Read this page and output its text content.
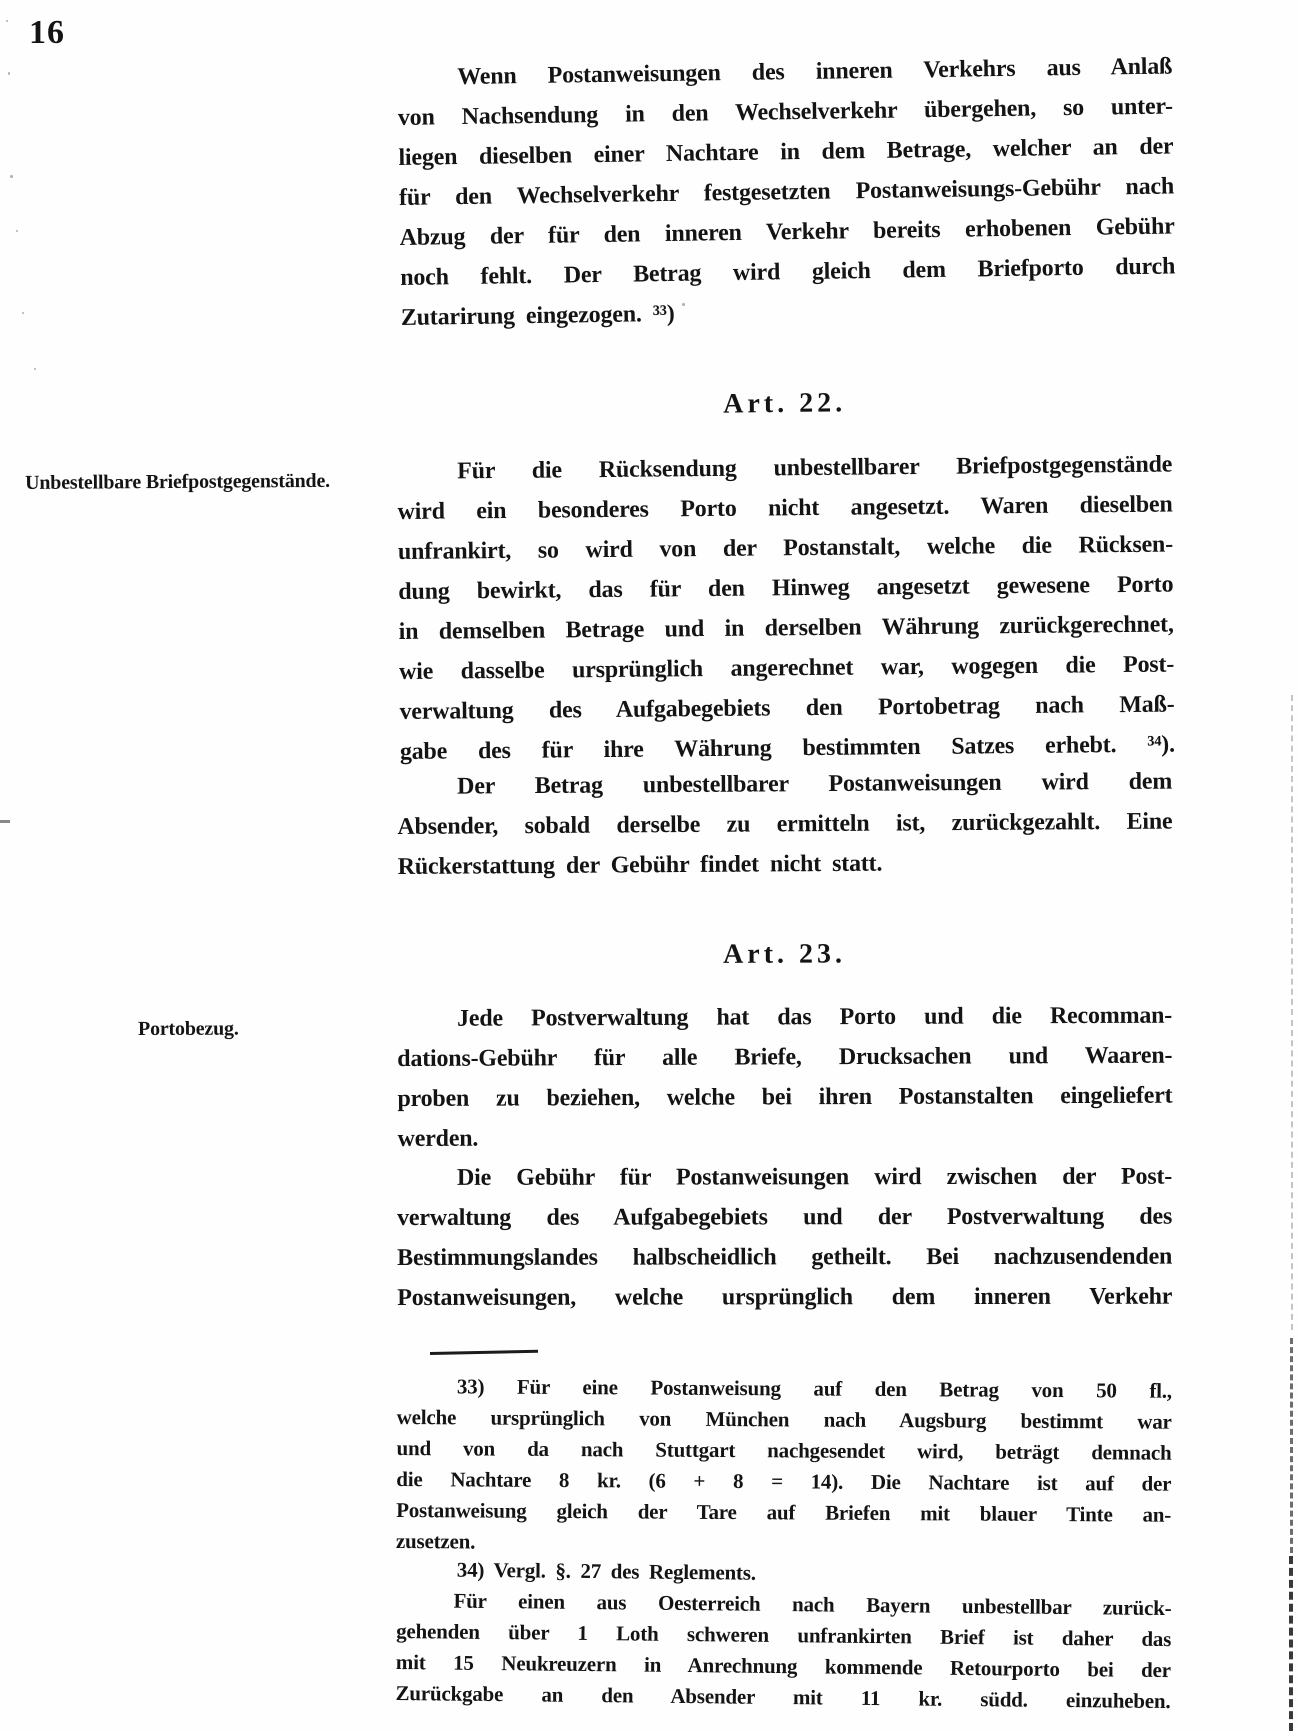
16
Wenn Postanweisungen des inneren Verkehrs aus Anlaß
von Nachsendung in den Wechselverkehr übergehen, so unter-
liegen dieselben einer Nachtare in dem Betrage, welcher an der
für den Wechselverkehr festgesetzten Postanweisungs-Gebühr nach
Abzug der für den inneren Verkehr bereits erhobenen Gebühr
noch fehlt. Der Betrag wird gleich dem Briefporto durch
Zutarirung eingezogen. ³³)
Art. 22.
Unbestellbare Briefpostgegenstände.	Für die Rücksendung unbestellbarer Briefpostgegenstände
wird ein besonderes Porto nicht angesetzt. Waren dieselben
unfrankirt, so wird von der Postanstalt, welche die Rücksen-
dung bewirkt, das für den Hinweg angesetzt gewesene Porto
in demselben Betrage und in derselben Währung zurückgerechnet,
wie dasselbe ursprünglich angerechnet war, wogegen die Post-
verwaltung des Aufgabegebiets den Portobetrag nach Maß-
gabe des für ihre Währung bestimmten Satzes erhebt. ³⁴).
Der Betrag unbestellbarer Postanweisungen wird dem
Absender, sobald derselbe zu ermitteln ist, zurückgezahlt. Eine
Rückerstattung der Gebühr findet nicht statt.
Art. 23.
Portobezug.	Jede Postverwaltung hat das Porto und die Recomman-
dations-Gebühr für alle Briefe, Drucksachen und Waaren-
proben zu beziehen, welche bei ihren Postanstalten eingeliefert
werden.
Die Gebühr für Postanweisungen wird zwischen der Post-
verwaltung des Aufgabegebiets und der Postverwaltung des
Bestimmungslandes halbscheidlich getheilt. Bei nachzusendenden
Postanweisungen, welche ursprünglich dem inneren Verkehr
33) Für eine Postanweisung auf den Betrag von 50 fl.,
welche ursprünglich von München nach Augsburg bestimmt war
und von da nach Stuttgart nachgesendet wird, beträgt demnach
die Nachtare 8 kr. (6 + 8 = 14). Die Nachtare ist auf der
Postanweisung gleich der Tare auf Briefen mit blauer Tinte an-
zusetzen.
34) Vergl. §. 27 des Reglements.
Für einen aus Oesterreich nach Bayern unbestellbar zurück-
gehenden über 1 Loth schweren unfrankirten Brief ist daher das
mit 15 Neukreuzern in Anrechnung kommende Retourporto bei der
Zurückgabe an den Absender mit 11 kr. südd. einzuheben.
